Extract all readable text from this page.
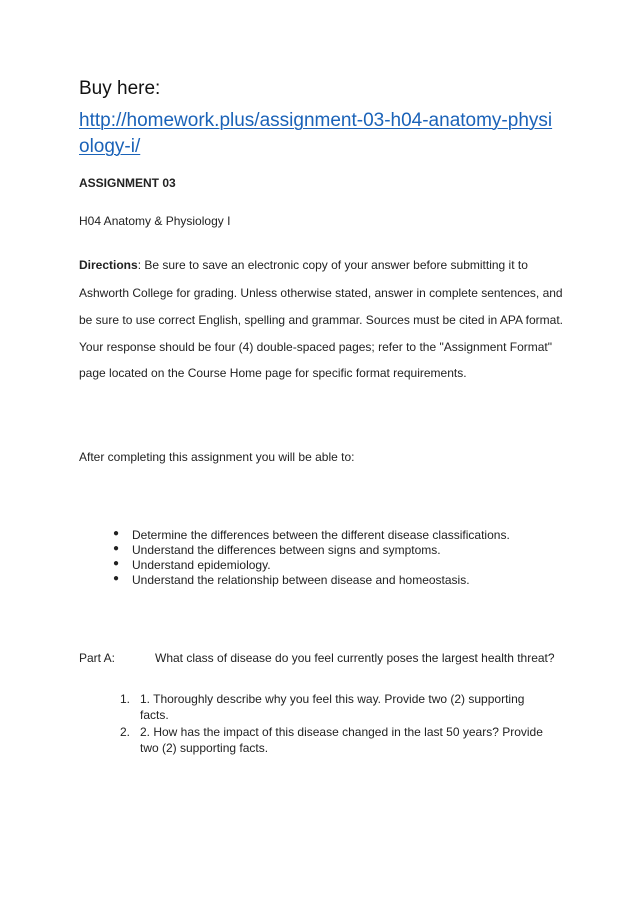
Buy here:
http://homework.plus/assignment-03-h04-anatomy-physi
ology-i/
ASSIGNMENT 03
H04 Anatomy & Physiology I
Directions: Be sure to save an electronic copy of your answer before submitting it to
Ashworth College for grading. Unless otherwise stated, answer in complete sentences, and
be sure to use correct English, spelling and grammar. Sources must be cited in APA format.
Your response should be four (4) double-spaced pages; refer to the "Assignment Format"
page located on the Course Home page for specific format requirements.
After completing this assignment you will be able to:
● Determine the differences between the different disease classifications.
● Understand the differences between signs and symptoms.
● Understand epidemiology.
● Understand the relationship between disease and homeostasis.
Part A:	What class of disease do you feel currently poses the largest health threat?
1. 1. Thoroughly describe why you feel this way. Provide two (2) supporting
facts.
2. 2. How has the impact of this disease changed in the last 50 years? Provide
two (2) supporting facts.
